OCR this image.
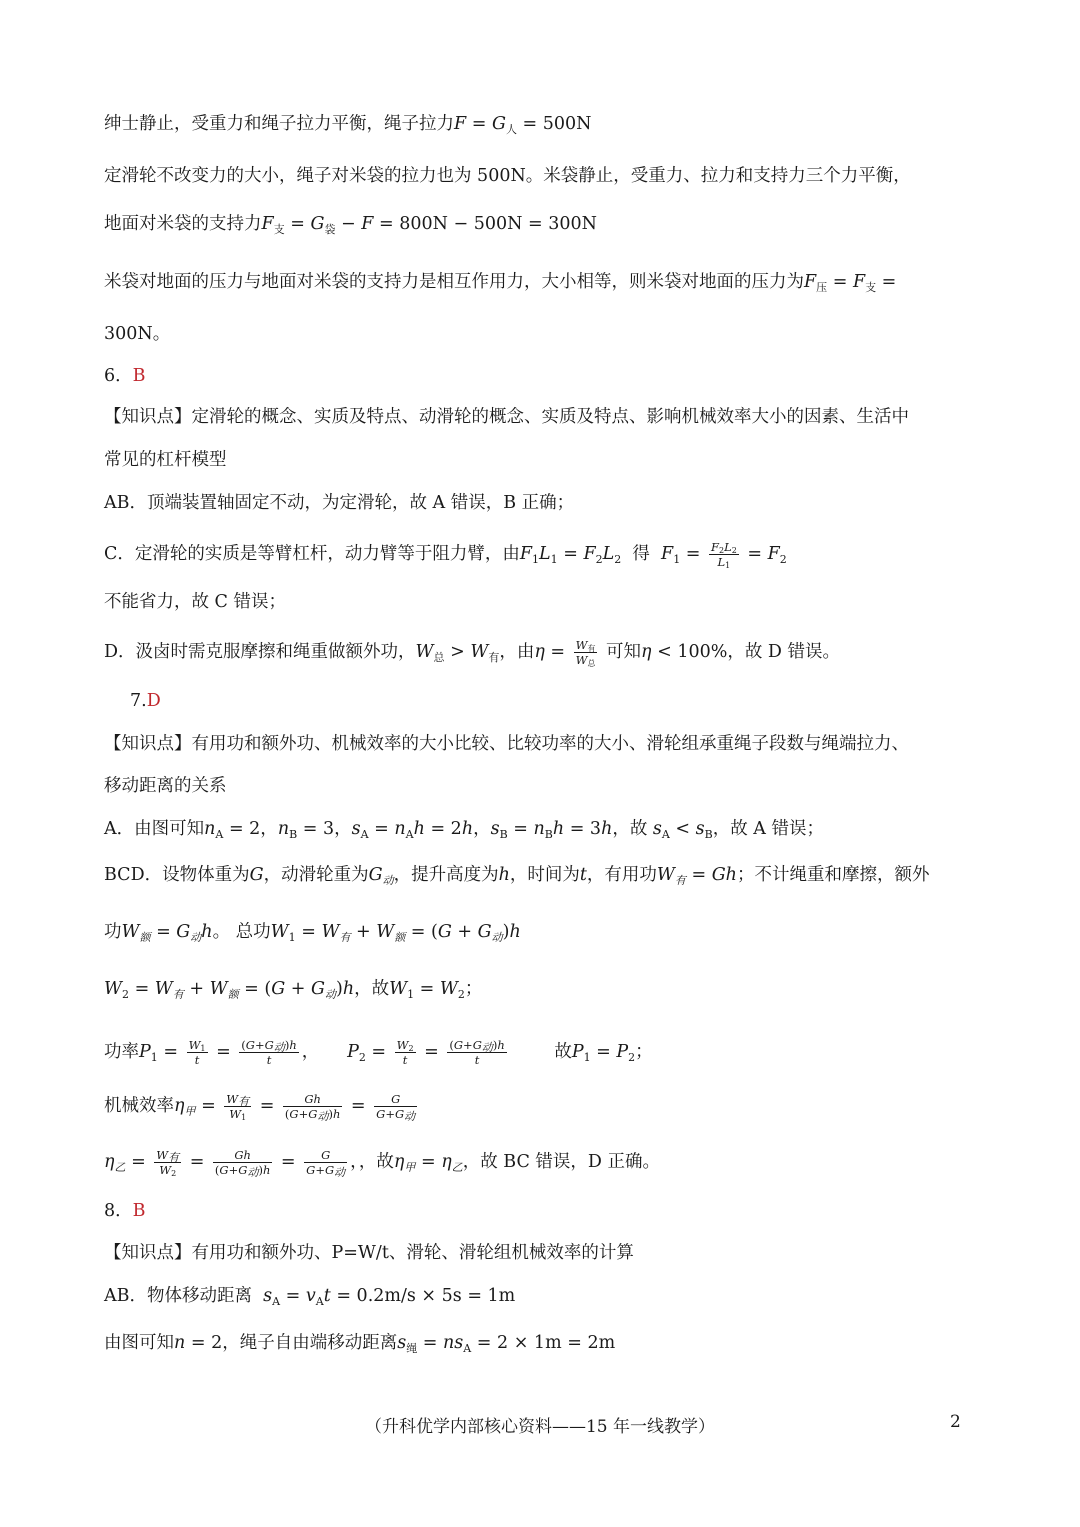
绅士静止，受重力和绳子拉力平衡，绳子拉力$F = G_人 = 500N$
定滑轮不改变力的大小，绳子对米袋的拉力也为 500N。米袋静止，受重力、拉力和支持力三个力平衡，
地面对米袋的支持力$F_支 = G_袋 - F = 800N - 500N = 300N$
米袋对地面的压力与地面对米袋的支持力是相互作用力，大小相等，则米袋对地面的压力为$F_压 = F_支$ =
300N。
6．B
【知识点】定滑轮的概念、实质及特点、动滑轮的概念、实质及特点、影响机械效率大小的因素、生活中
常见的杠杆模型
AB．顶端装置轴固定不动，为定滑轮，故 A 错误，B 正确；
C．定滑轮的实质是等臂杠杆，动力臂等于阻力臂，由$F_1L_1 = F_2L_2$ 得 $F_1 = \frac{F_2L_2}{L_1} = F_2$
不能省力，故 C 错误；
D．汲卤时需克服摩擦和绳重做额外功，$W_总 > W_有$，由$\eta = \frac{W_有}{W_总}$ 可知η < 100%，故 D 错误。
7.D
【知识点】有用功和额外功、机械效率的大小比较、比较功率的大小、滑轮组承重绳子段数与绳端拉力、
移动距离的关系
A．由图可知$n_A = 2$，$n_B = 3$，$s_A = n_Ah = 2h$，$s_B = n_Bh = 3h$，故 $s_A < s_B$，故 A 错误；
BCD．设物体重为G，动滑轮重为$G_动$，提升高度为h，时间为t，有用功$W_有 = Gh$；不计绳重和摩擦，额外
功$W_额 = G_动h$。 总功$W_1 = W_有 + W_额 = (G + G_动)h$
$W_2 = W_有 + W_额 = (G + G_动)h$，故$W_1 = W_2$；
功率$P_1 = \frac{W_1}{t} = \frac{(G+G_动)h}{t}$ ， $P_2 = \frac{W_2}{t} = \frac{(G+G_动)h}{t}$	故$P_1 = P_2$；
机械效率$\eta_甲 = \frac{W_有}{W_1} = \frac{Gh}{(G+G_动)h} = \frac{G}{G+G_动}$
$\eta_乙 = \frac{W_有}{W_2} = \frac{Gh}{(G+G_动)h} = \frac{G}{G+G_动}$ ，，故$\eta_甲 = \eta_乙$，故 BC 错误，D 正确。
8．B
【知识点】有用功和额外功、P=W/t、滑轮、滑轮组机械效率的计算
AB．物体移动距离 $s_A = v_At = 0.2m/s \times 5s = 1m$
由图可知n = 2，绳子自由端移动距离$s_绳 = ns_A = 2 \times 1m = 2m$
（升科优学内部核心资料——15 年一线教学）	2
